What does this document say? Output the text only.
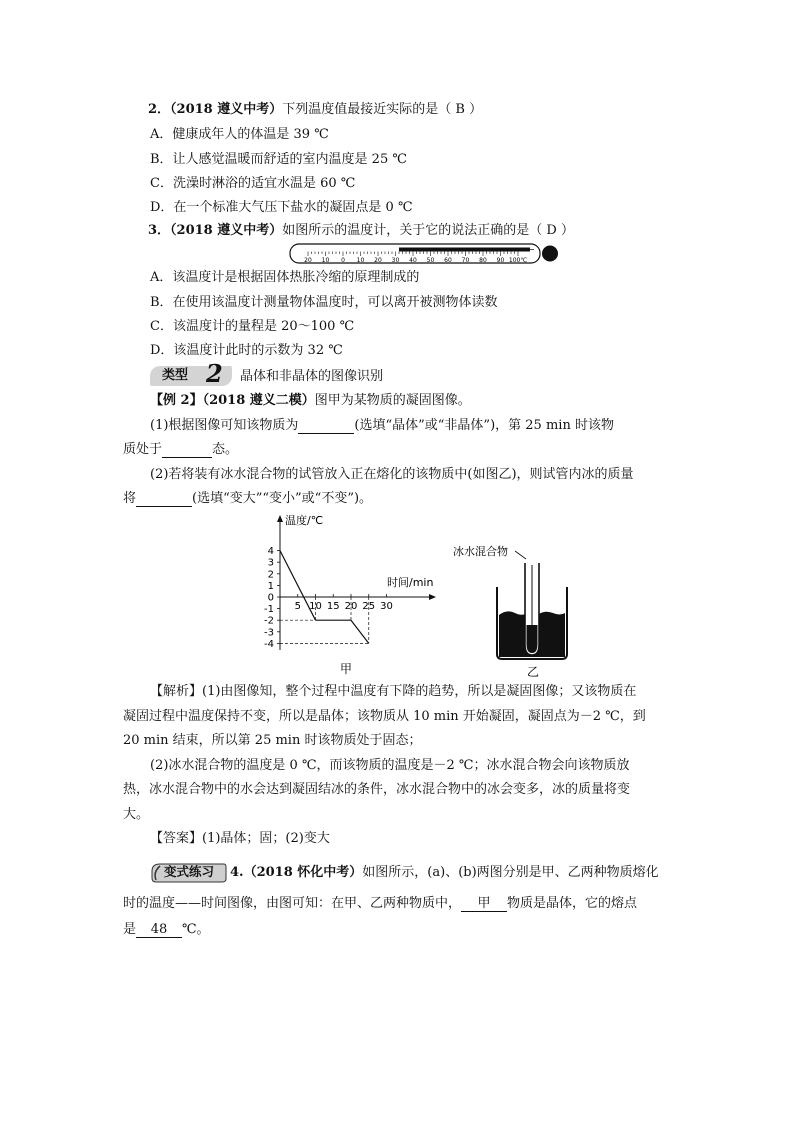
2．（2018 遵义中考）下列温度值最接近实际的是（ B ）
A．健康成年人的体温是 39 ℃
B．让人感觉温暖而舒适的室内温度是 25 ℃
C．洗澡时淋浴的适宜水温是 60 ℃
D．在一个标准大气压下盐水的凝固点是 0 ℃
3．（2018 遵义中考）如图所示的温度计，关于它的说法正确的是（ D ）
20 10 0 10 20 30 40 50 60 70 80 90 100℃
A．该温度计是根据固体热胀冷缩的原理制成的
B．在使用该温度计测量物体温度时，可以离开被测物体读数
C．该温度计的量程是 20～100 ℃
D．该温度计此时的示数为 32 ℃
类型 2 晶体和非晶体的图像识别
【例 2】（2018 遵义二模）图甲为某物质的凝固图像。
(1)根据图像可知该物质为	(选填“晶体”或“非晶体”)，第 25 min 时该物
质处于	态。
(2)若将装有冰水混合物的试管放入正在熔化的该物质中(如图乙)，则试管内冰的质量
将	(选填“变大”“变小”或“不变”)。
温度/℃
时间/min
4
3
2
1
0
-1
-2
-3
-4
5 10 15 20 25 30
甲
冰水混合物
乙
【解析】(1)由图像知，整个过程中温度有下降的趋势，所以是凝固图像；又该物质在
凝固过程中温度保持不变，所以是晶体；该物质从 10 min 开始凝固，凝固点为－2 ℃，到
20 min 结束，所以第 25 min 时该物质处于固态；
(2)冰水混合物的温度是 0 ℃，而该物质的温度是－2 ℃；冰水混合物会向该物质放
热，冰水混合物中的水会达到凝固结冰的条件，冰水混合物中的冰会变多，冰的质量将变
大。
【答案】(1)晶体；固；(2)变大
变式练习 4.（2018 怀化中考）如图所示，(a)、(b)两图分别是甲、乙两种物质熔化
时的温度——时间图像，由图可知：在甲、乙两种物质中， 甲 物质是晶体，它的熔点
是 48 ℃。
